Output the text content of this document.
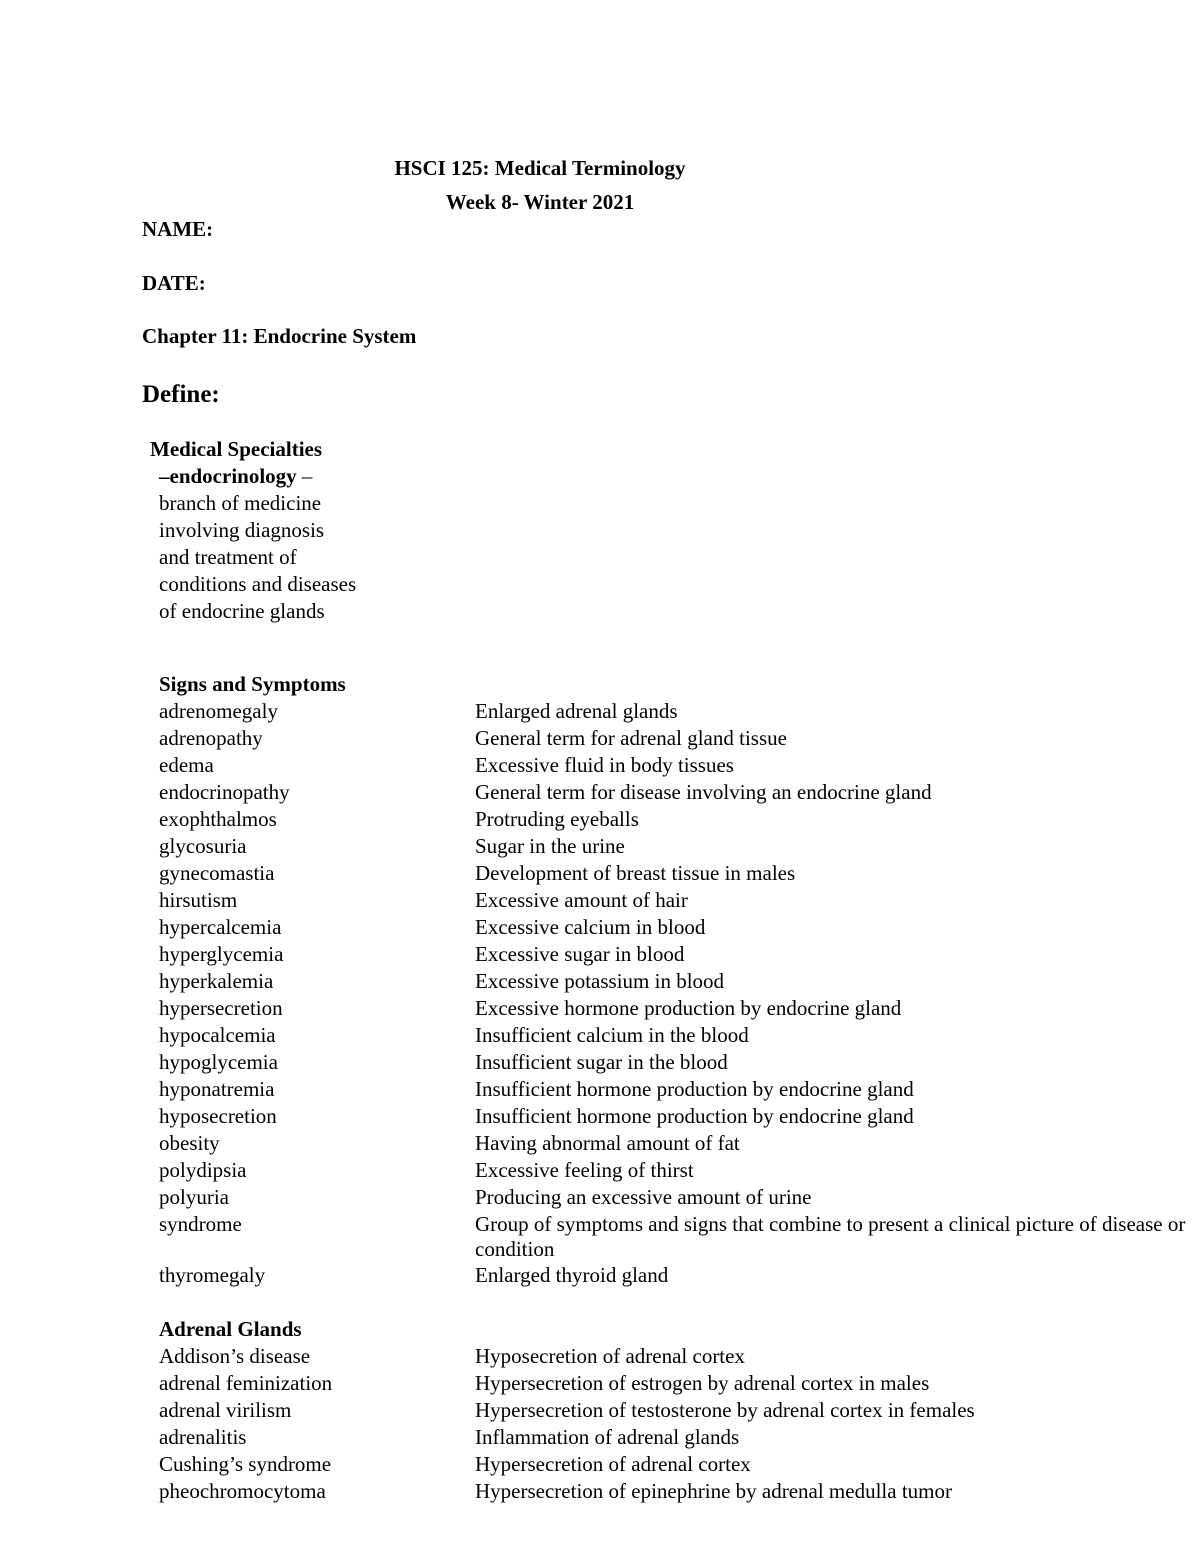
HSCI 125: Medical Terminology
Week 8- Winter 2021
NAME:
DATE:
Chapter 11: Endocrine System
Define:
Medical Specialties
–endocrinology –
branch of medicine involving diagnosis and treatment of conditions and diseases of endocrine glands
Signs and Symptoms
adrenomegaly	Enlarged adrenal glands
adrenopathy	General term for adrenal gland tissue
edema	Excessive fluid in body tissues
endocrinopathy	General term for disease involving an endocrine gland
exophthalmos	Protruding eyeballs
glycosuria	Sugar in the urine
gynecomastia	Development of breast tissue in males
hirsutism	Excessive amount of hair
hypercalcemia	Excessive calcium in blood
hyperglycemia	Excessive sugar in blood
hyperkalemia	Excessive potassium in blood
hypersecretion	Excessive hormone production by endocrine gland
hypocalcemia	Insufficient calcium in the blood
hypoglycemia	Insufficient sugar in the blood
hyponatremia	Insufficient hormone production by endocrine gland
hyposecretion	Insufficient hormone production by endocrine gland
obesity	Having abnormal amount of fat
polydipsia	Excessive feeling of thirst
polyuria	Producing an excessive amount of urine
syndrome	Group of symptoms and signs that combine to present a clinical picture of disease or condition
thyromegaly	Enlarged thyroid gland
Adrenal Glands
Addison’s disease	Hyposecretion of adrenal cortex
adrenal feminization	Hypersecretion of estrogen by adrenal cortex in males
adrenal virilism	Hypersecretion of testosterone by adrenal cortex in females
adrenalitis	Inflammation of adrenal glands
Cushing’s syndrome	Hypersecretion of adrenal cortex
pheochromocytoma	Hypersecretion of epinephrine by adrenal medulla tumor
